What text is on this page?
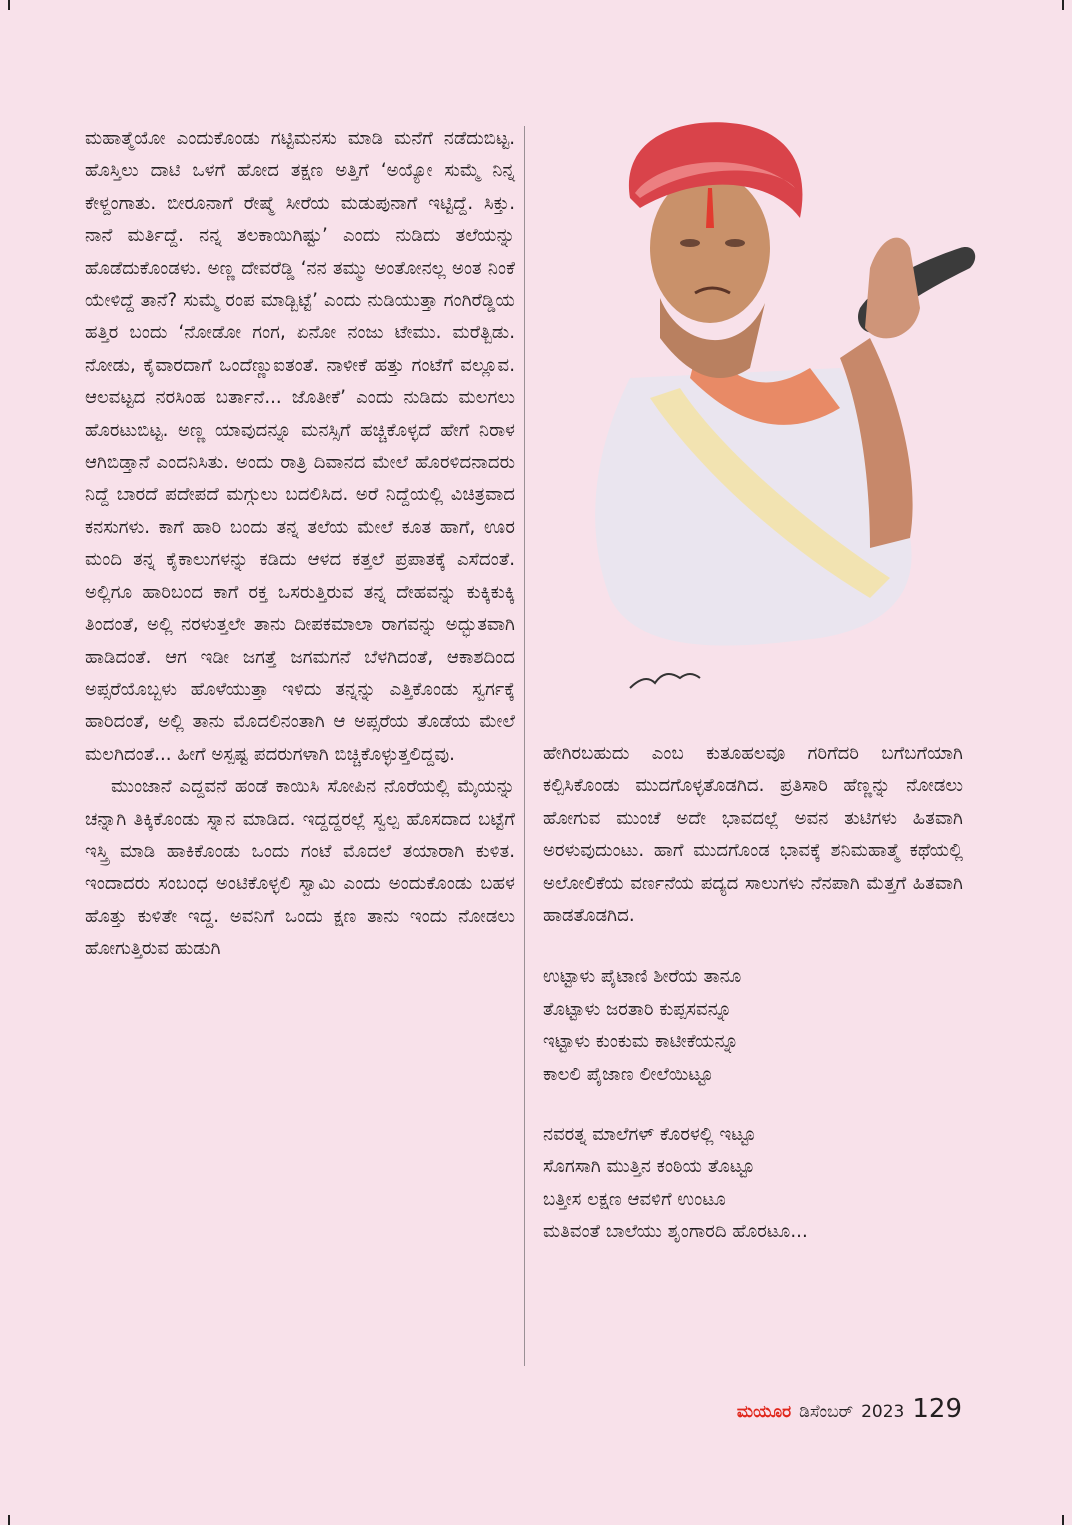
ಮಹಾತ್ಮೆಯೋ ಎಂದುಕೊಂಡು ಗಟ್ಟಿಮನಸು ಮಾಡಿ ಮನೆಗೆ ನಡೆದುಬಿಟ್ಟ. ಹೊಸ್ತಿಲು ದಾಟಿ ಒಳಗೆ ಹೋದ ತಕ್ಷಣ ಅತ್ತಿಗೆ ‘ಅಯ್ಯೋ ಸುಮ್ಮೆ ನಿನ್ನ ಕೇಳ್ದಂಗಾತು. ಬೀರೂನಾಗೆ ರೇಷ್ಮೆ ಸೀರೆಯ ಮಡುಪುನಾಗೆ ಇಟ್ಟಿದ್ದೆ. ಸಿಕ್ತು. ನಾನೆ ಮರ್ತಿದ್ದೆ. ನನ್ನ ತಲಕಾಯಿಗಿಷ್ಟು’ ಎಂದು ನುಡಿದು ತಲೆಯನ್ನು ಹೊಡೆದುಕೊಂಡಳು. ಅಣ್ಣ ದೇವರೆಡ್ಡಿ ‘ನನ ತಮ್ಮು ಅಂತೋನಲ್ಲ ಅಂತ ನಿಂಕೆ ಯೇಳಿದ್ದೆ ತಾನೆ? ಸುಮ್ಮೆ ರಂಪ ಮಾಡ್ಬಿಟ್ಟೆ’ ಎಂದು ನುಡಿಯುತ್ತಾ ಗಂಗಿರೆಡ್ಡಿಯ ಹತ್ತಿರ ಬಂದು ‘ನೋಡೋ ಗಂಗ, ಏನೋ ನಂಜು ಟೇಮು. ಮರೆತ್ಬಿಡು. ನೋಡು, ಕೈವಾರದಾಗೆ ಒಂದೆಣ್ಣುಐತಂತೆ. ನಾಳೀಕೆ ಹತ್ತು ಗಂಟೆಗೆ ವಲ್ಲೂವ. ಆಲವಟ್ಟದ ನರಸಿಂಹ ಬರ್ತಾನೆ... ಜೊತೀಕೆ’ ಎಂದು ನುಡಿದು ಮಲಗಲು ಹೊರಟುಬಿಟ್ಟ. ಅಣ್ಣ ಯಾವುದನ್ನೂ ಮನಸ್ಸಿಗೆ ಹಚ್ಚಿಕೊಳ್ಳದೆ ಹೇಗೆ ನಿರಾಳ ಆಗಿಬಿಡ್ತಾನೆ ಎಂದನಿಸಿತು. ಅಂದು ರಾತ್ರಿ ದಿವಾನದ ಮೇಲೆ ಹೊರಳಿದನಾದರು ನಿದ್ದೆ ಬಾರದೆ ಪದೇಪದೆ ಮಗ್ಗುಲು ಬದಲಿಸಿದ. ಅರೆ ನಿದ್ದೆಯಲ್ಲಿ ವಿಚಿತ್ರವಾದ ಕನಸುಗಳು. ಕಾಗೆ ಹಾರಿ ಬಂದು ತನ್ನ ತಲೆಯ ಮೇಲೆ ಕೂತ ಹಾಗೆ, ಊರ ಮಂದಿ ತನ್ನ ಕೈಕಾಲುಗಳನ್ನು ಕಡಿದು ಆಳದ ಕತ್ತಲೆ ಪ್ರಪಾತಕ್ಕೆ ಎಸೆದಂತೆ. ಅಲ್ಲಿಗೂ ಹಾರಿಬಂದ ಕಾಗೆ ರಕ್ತ ಒಸರುತ್ತಿರುವ ತನ್ನ ದೇಹವನ್ನು ಕುಕ್ಕಿಕುಕ್ಕಿ ತಿಂದಂತೆ, ಅಲ್ಲಿ ನರಳುತ್ತಲೇ ತಾನು ದೀಪಕಮಾಲಾ ರಾಗವನ್ನು ಅದ್ಭುತವಾಗಿ ಹಾಡಿದಂತೆ. ಆಗ ಇಡೀ ಜಗತ್ತೆ ಜಗಮಗನೆ ಬೆಳಗಿದಂತೆ, ಆಕಾಶದಿಂದ ಅಪ್ಸರೆಯೊಬ್ಬಳು ಹೊಳೆಯುತ್ತಾ ಇಳಿದು ತನ್ನನ್ನು ಎತ್ತಿಕೊಂಡು ಸ್ವರ್ಗಕ್ಕೆ ಹಾರಿದಂತೆ, ಅಲ್ಲಿ ತಾನು ಮೊದಲಿನಂತಾಗಿ ಆ ಅಪ್ಸರೆಯ ತೊಡೆಯ ಮೇಲೆ ಮಲಗಿದಂತೆ... ಹೀಗೆ ಅಸ್ಪಷ್ಟ ಪದರುಗಳಾಗಿ ಬಿಚ್ಚಿಕೊಳ್ಳುತ್ತಲಿದ್ದವು.

ಮುಂಜಾನೆ ಎದ್ದವನೆ ಹಂಡೆ ಕಾಯಿಸಿ ಸೋಪಿನ ನೊರೆಯಲ್ಲಿ ಮೈಯನ್ನು ಚನ್ನಾಗಿ ತಿಕ್ಕಿಕೊಂಡು ಸ್ನಾನ ಮಾಡಿದ. ಇದ್ದದ್ದರಲ್ಲೆ ಸ್ವಲ್ಪ ಹೊಸದಾದ ಬಟ್ಟೆಗೆ ಇಸ್ತ್ರಿ ಮಾಡಿ ಹಾಕಿಕೊಂಡು ಒಂದು ಗಂಟೆ ಮೊದಲೆ ತಯಾರಾಗಿ ಕುಳಿತ. ಇಂದಾದರು ಸಂಬಂಧ ಅಂಟಿಕೊಳ್ಳಲಿ ಸ್ವಾಮಿ ಎಂದು ಅಂದುಕೊಂಡು ಬಹಳ ಹೊತ್ತು ಕುಳಿತೇ ಇದ್ದ. ಅವನಿಗೆ ಒಂದು ಕ್ಷಣ ತಾನು ಇಂದು ನೋಡಲು ಹೋಗುತ್ತಿರುವ ಹುಡುಗಿ

ಹೇಗಿರಬಹುದು ಎಂಬ ಕುತೂಹಲವೂ ಗರಿಗೆದರಿ ಬಗೆಬಗೆಯಾಗಿ ಕಲ್ಪಿಸಿಕೊಂಡು ಮುದಗೊಳ್ಳತೊಡಗಿದ. ಪ್ರತಿಸಾರಿ ಹೆಣ್ಣನ್ನು ನೋಡಲು ಹೋಗುವ ಮುಂಚೆ ಅದೇ ಭಾವದಲ್ಲೆ ಅವನ ತುಟಿಗಳು ಹಿತವಾಗಿ ಅರಳುವುದುಂಟು. ಹಾಗೆ ಮುದಗೊಂಡ ಭಾವಕ್ಕೆ ಶನಿಮಹಾತ್ಮೆ ಕಥೆಯಲ್ಲಿ ಅಲೋಲಿಕೆಯ ವರ್ಣನೆಯ ಪದ್ಯದ ಸಾಲುಗಳು ನೆನಪಾಗಿ ಮೆತ್ತಗೆ ಹಿತವಾಗಿ ಹಾಡತೊಡಗಿದ.

ಉಟ್ಟಾಳು ಪೈಟಾಣಿ ಶೀರೆಯ ತಾನೂ
ತೊಟ್ಟಾಳು ಜರತಾರಿ ಕುಪ್ಪಸವನ್ನೂ
ಇಟ್ಟಾಳು ಕುಂಕುಮ ಕಾಟೀಕೆಯನ್ನೂ
ಕಾಲಲಿ ಪೈಜಾಣ ಲೀಲೆಯಿಟ್ಟೂ
ನವರತ್ನ ಮಾಲೆಗಳ್ ಕೊರಳಲ್ಲಿ ಇಟ್ಟೂ
ಸೊಗಸಾಗಿ ಮುತ್ತಿನ ಕಂಠಿಯ ತೊಟ್ಟೂ
ಬತ್ತೀಸ ಲಕ್ಷಣ ಆವಳಿಗೆ ಉಂಟೂ
ಮತಿವಂತೆ ಬಾಲೆಯು ಶೃಂಗಾರದಿ ಹೊರಟೂ...
ಮಯೂರ ಡಿಸೆಂಬರ್ 2023 129
